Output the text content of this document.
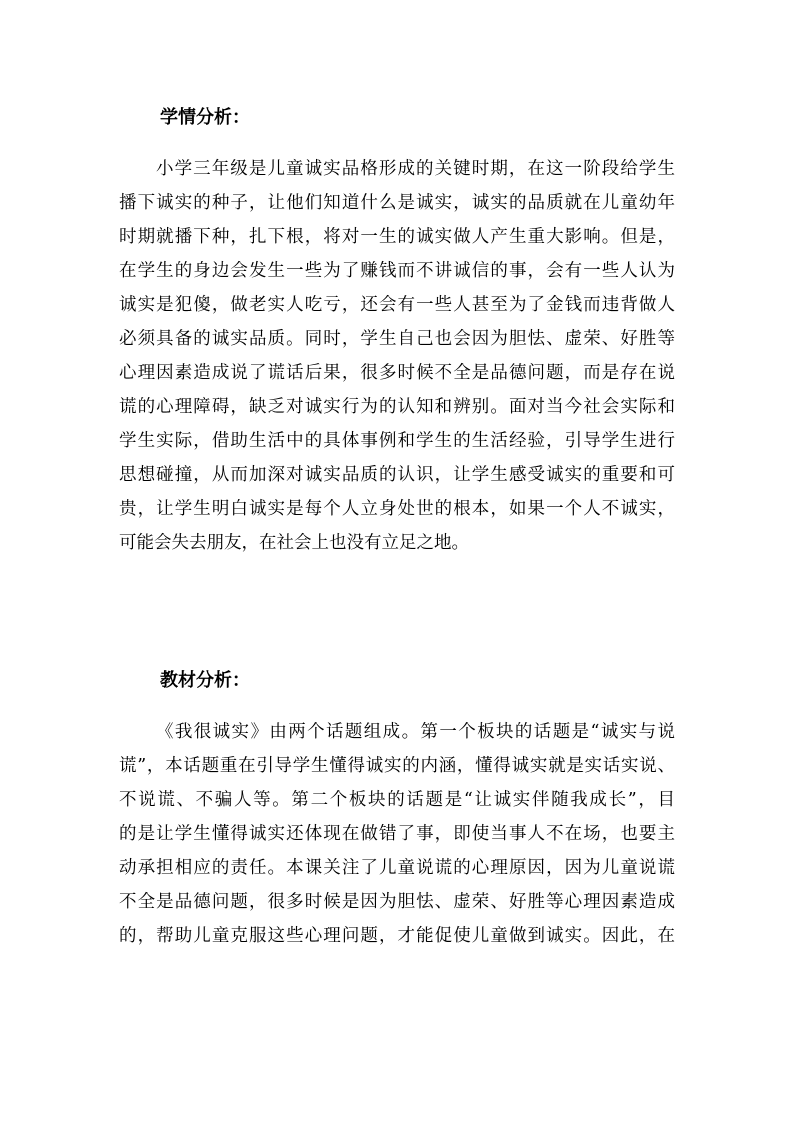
学情分析：
小学三年级是儿童诚实品格形成的关键时期，在这一阶段给学生
播下诚实的种子，让他们知道什么是诚实，诚实的品质就在儿童幼年
时期就播下种，扎下根，将对一生的诚实做人产生重大影响。但是，
在学生的身边会发生一些为了赚钱而不讲诚信的事，会有一些人认为
诚实是犯傻，做老实人吃亏，还会有一些人甚至为了金钱而违背做人
必须具备的诚实品质。同时，学生自己也会因为胆怯、虚荣、好胜等
心理因素造成说了谎话后果，很多时候不全是品德问题，而是存在说
谎的心理障碍，缺乏对诚实行为的认知和辨别。面对当今社会实际和
学生实际，借助生活中的具体事例和学生的生活经验，引导学生进行
思想碰撞，从而加深对诚实品质的认识，让学生感受诚实的重要和可
贵，让学生明白诚实是每个人立身处世的根本，如果一个人不诚实，
可能会失去朋友，在社会上也没有立足之地。
教材分析：
《我很诚实》由两个话题组成。第一个板块的话题是“诚实与说
谎”，本话题重在引导学生懂得诚实的内涵，懂得诚实就是实话实说、
不说谎、不骗人等。第二个板块的话题是“让诚实伴随我成长”，目
的是让学生懂得诚实还体现在做错了事，即使当事人不在场，也要主
动承担相应的责任。本课关注了儿童说谎的心理原因，因为儿童说谎
不全是品德问题，很多时候是因为胆怯、虚荣、好胜等心理因素造成
的，帮助儿童克服这些心理问题，才能促使儿童做到诚实。因此，在
